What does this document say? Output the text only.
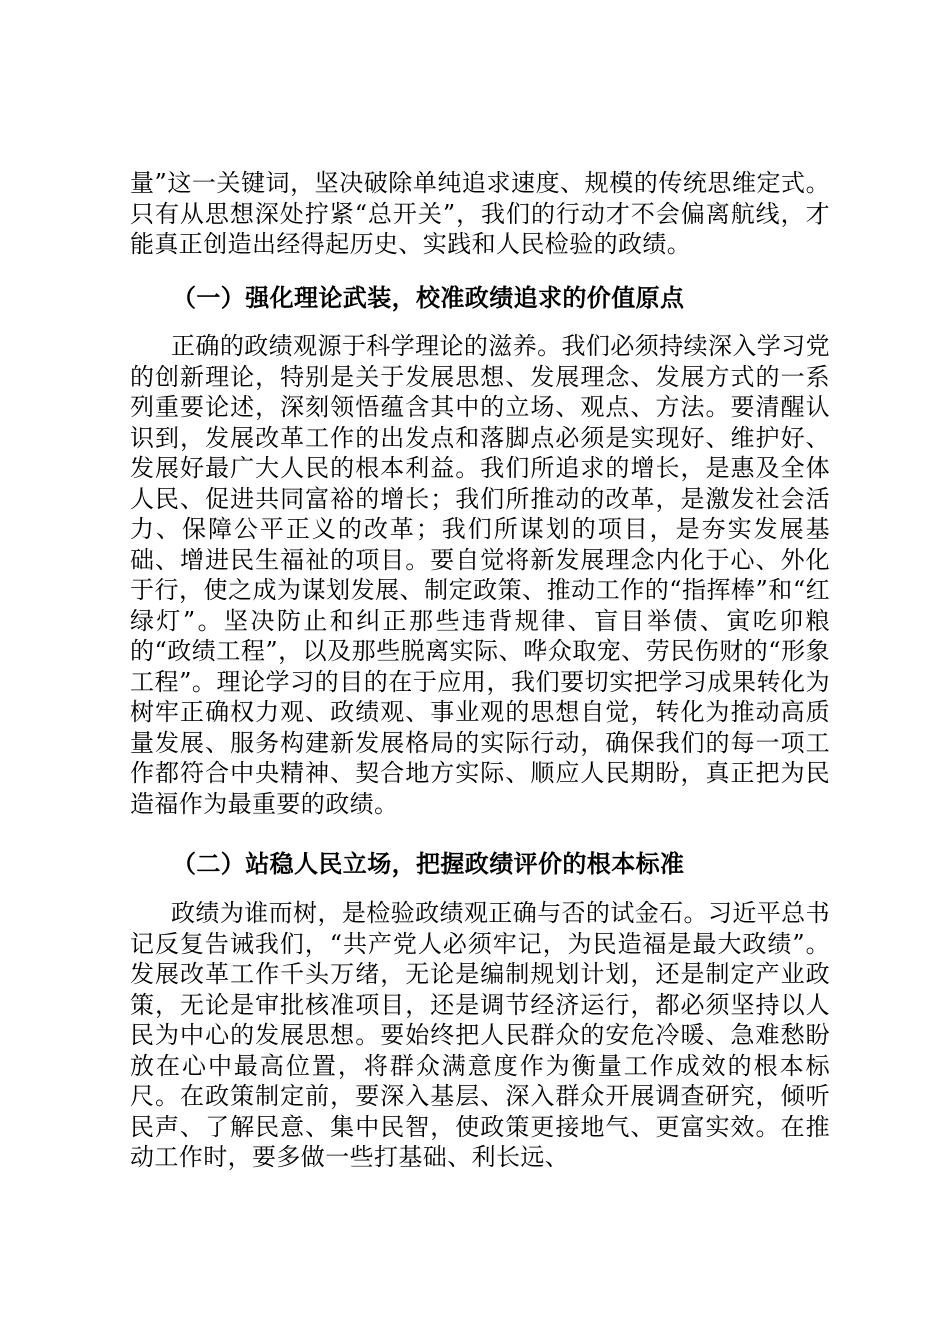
量”这一关键词，坚决破除单纯追求速度、规模的传统思维定式。只有从思想深处拧紧“总开关”，我们的行动才不会偏离航线，才能真正创造出经得起历史、实践和人民检验的政绩。
（一）强化理论武装，校准政绩追求的价值原点
正确的政绩观源于科学理论的滋养。我们必须持续深入学习党的创新理论，特别是关于发展思想、发展理念、发展方式的一系列重要论述，深刻领悟蕴含其中的立场、观点、方法。要清醒认识到，发展改革工作的出发点和落脚点必须是实现好、维护好、发展好最广大人民的根本利益。我们所追求的增长，是惠及全体人民、促进共同富裕的增长；我们所推动的改革，是激发社会活力、保障公平正义的改革；我们所谋划的项目，是夯实发展基础、增进民生福祉的项目。要自觉将新发展理念内化于心、外化于行，使之成为谋划发展、制定政策、推动工作的“指挥棒”和“红绿灯”。坚决防止和纠正那些违背规律、盲目举债、寅吃卯粮的“政绩工程”，以及那些脱离实际、哗众取宠、劳民伤财的“形象工程”。理论学习的目的在于应用，我们要切实把学习成果转化为树牢正确权力观、政绩观、事业观的思想自觉，转化为推动高质量发展、服务构建新发展格局的实际行动，确保我们的每一项工作都符合中央精神、契合地方实际、顺应人民期盼，真正把为民造福作为最重要的政绩。
（二）站稳人民立场，把握政绩评价的根本标准
政绩为谁而树，是检验政绩观正确与否的试金石。习近平总书记反复告诫我们，“共产党人必须牢记，为民造福是最大政绩”。发展改革工作千头万绪，无论是编制规划计划，还是制定产业政策，无论是审批核准项目，还是调节经济运行，都必须坚持以人民为中心的发展思想。要始终把人民群众的安危冷暖、急难愁盼放在心中最高位置，将群众满意度作为衡量工作成效的根本标尺。在政策制定前，要深入基层、深入群众开展调查研究，倾听民声、了解民意、集中民智，使政策更接地气、更富实效。在推动工作时，要多做一些打基础、利长远、
